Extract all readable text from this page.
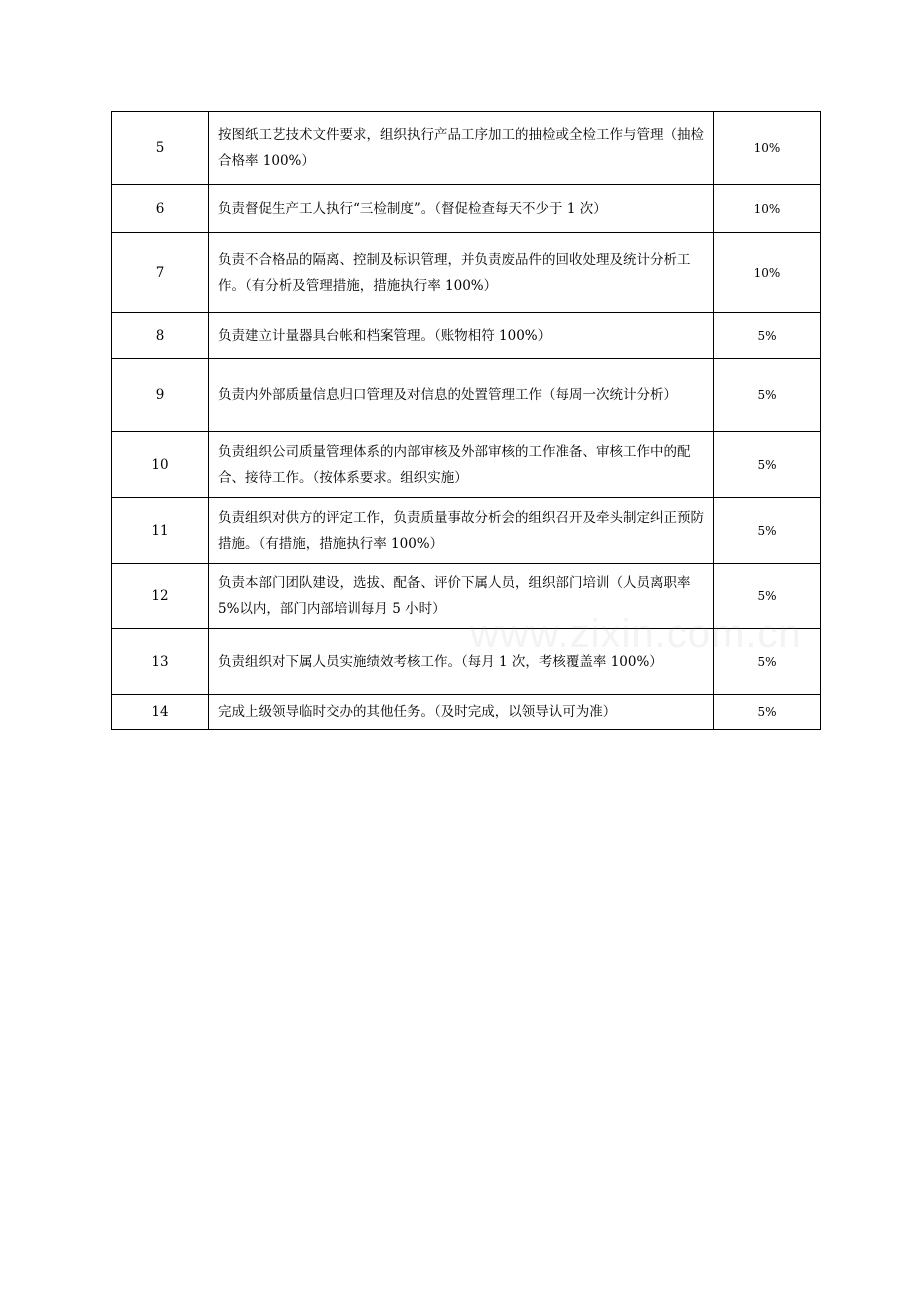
5	按图纸工艺技术文件要求，组织执行产品工序加工的抽检或全检工作与管理（抽检合格率 100%）	10%
6	负责督促生产工人执行“三检制度”。（督促检查每天不少于 1 次）	10%
7	负责不合格品的隔离、控制及标识管理，并负责废品件的回收处理及统计分析工作。（有分析及管理措施，措施执行率 100%）	10%
8	负责建立计量器具台帐和档案管理。（账物相符 100%）	5%
9	负责内外部质量信息归口管理及对信息的处置管理工作（每周一次统计分析）	5%
10	负责组织公司质量管理体系的内部审核及外部审核的工作准备、审核工作中的配合、接待工作。（按体系要求。组织实施）	5%
11	负责组织对供方的评定工作，负责质量事故分析会的组织召开及牵头制定纠正预防措施。（有措施，措施执行率 100%）	5%
12	负责本部门团队建设，选拔、配备、评价下属人员，组织部门培训（人员离职率 5%以内，部门内部培训每月 5 小时）	5%
13	负责组织对下属人员实施绩效考核工作。（每月 1 次，考核覆盖率 100%）	5%
14	完成上级领导临时交办的其他任务。（及时完成，以领导认可为准）	5%
www.zixin.com.cn
